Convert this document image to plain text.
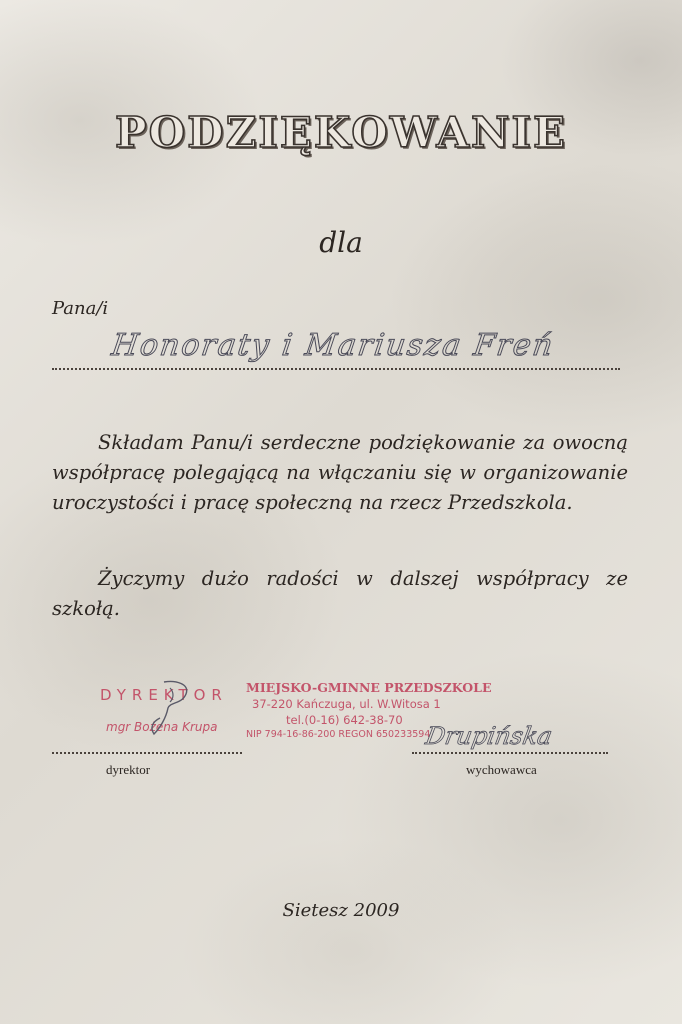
PODZIĘKOWANIE
dla
Pana/i
Honoraty i Mariusza Freń

Składam Panu/i serdeczne podziękowanie za owocną współpracę polegającą na włączaniu się w organizowanie uroczystości i pracę społeczną na rzecz Przedszkola.

Życzymy dużo radości w dalszej współpracy ze szkołą.

DYREKTOR
mgr Bożena Krupa
MIEJSKO-GMINNE PRZEDSZKOLE
37-220 Kańczuga, ul. W.Witosa 1
tel.(0-16) 642-38-70
NIP 794-16-86-200 REGON 650233594
Drupińska
dyrektor	wychowawca
Sietesz 2009
